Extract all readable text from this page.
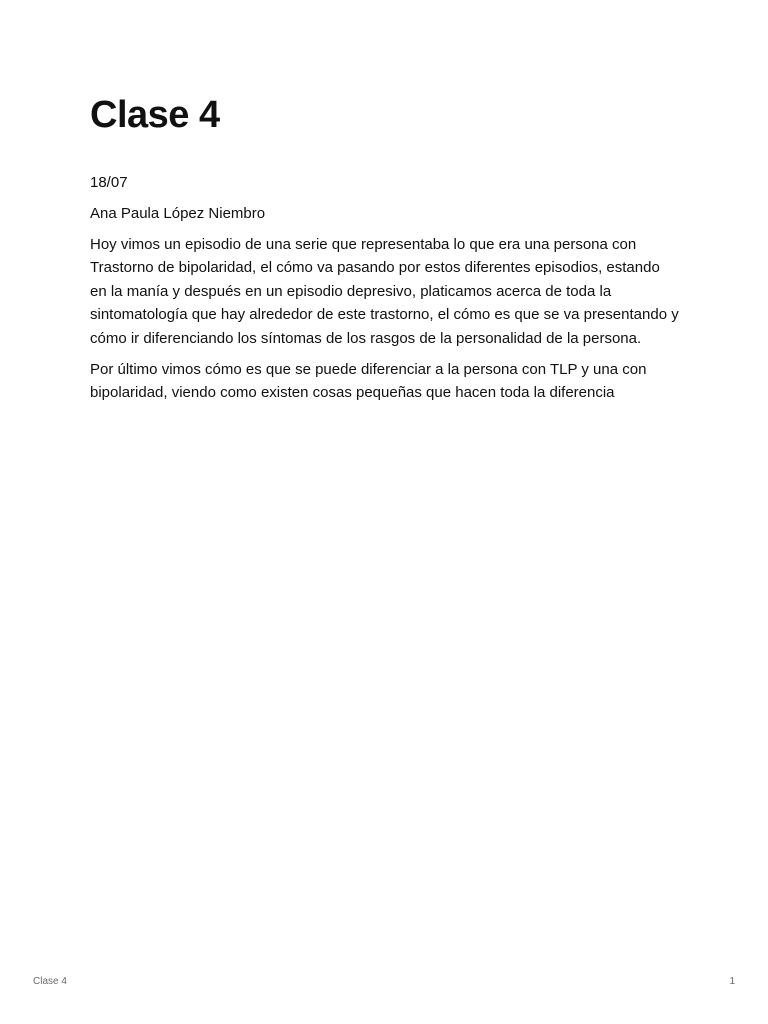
Clase 4

18/07

Ana Paula López Niembro

Hoy vimos un episodio de una serie que representaba lo que era una persona con Trastorno de bipolaridad, el cómo va pasando por estos diferentes episodios, estando en la manía y después en un episodio depresivo, platicamos acerca de toda la sintomatología que hay alrededor de este trastorno, el cómo es que se va presentando y cómo ir diferenciando los síntomas de los rasgos de la personalidad de la persona.

Por último vimos cómo es que se puede diferenciar a la persona con TLP y una con bipolaridad, viendo como existen cosas pequeñas que hacen toda la diferencia

Clase 4	1
